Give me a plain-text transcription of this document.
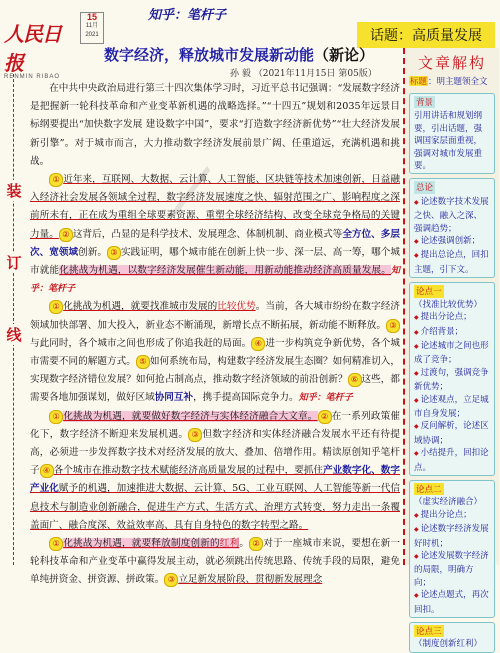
\
人民日报
RENMIN RIBAO
15
11月
2021
知乎：笔杆子
话题：高质量发展
数字经济，释放城市发展新动能（新论）
孙 毅 （2021年11月15日 第05版）
装
订
线

在中共中央政治局进行第三十四次集体学习时，习近平总书记强调：“发展数字经济是把握新一轮科技革命和产业变革新机遇的战略选择。”“十四五”规划和2035年远景目标纲要提出“加快数字发展 建设数字中国”，要求“打造数字经济新优势”“壮大经济发展新引擎”。对于城市而言，大力推动数字经济发展前景广阔、任重道远，充满机遇和挑战。

① 近年来，互联网、大数据、云计算、人工智能、区块链等技术加速创新，日益融入经济社会发展各领域全过程，数字经济发展速度之快、辐射范围之广、影响程度之深前所未有，正在成为重组全球要素资源、重塑全球经济结构、改变全球竞争格局的关键力量。 ② 这背后，凸显的是科学技术、发展理念、体制机制、商业模式等全方位、多层次、宽领域创新。 ③ 实践证明，哪个城市能在创新上快一步、深一层、高一筹，哪个城市就能化挑战为机遇，以数字经济发展催生新动能，用新动能推动经济高质量发展。知乎：笔杆子

① 化挑战为机遇，就要找准城市发展的比较优势。当前，各大城市纷纷在数字经济领域加快部署、加大投入，新业态不断涌现，新增长点不断拓展，新动能不断释放。 ③与此同时，各个城市之间也形成了你追我赶的局面。 ④ 进一步构筑竞争新优势，各个城市需要不同的解题方式。 ⑤ 如何系统布局，构建数字经济发展生态圈？如何精准切入，实现数字经济错位发展？如何抢占制高点，推动数字经济领域的前沿创新？ ⑥ 这些，都需要各地加强谋划，做好区域协同互补，携手提高国际竞争力。知乎：笔杆子

① 化挑战为机遇，就要做好数字经济与实体经济融合大文章。 ② 在一系列政策催化下，数字经济不断迎来发展机遇。 ③ 但数字经济和实体经济融合发展水平还有待提高，必须进一步发挥数字技术对经济发展的放大、叠加、倍增作用。精读原创知乎笔杆子 ④ 各个城市在推动数字技术赋能经济高质量发展的过程中，要抓住产业数字化、数字产业化赋予的机遇，加速推进大数据、云计算、5G、工业互联网、人工智能等新一代信息技术与制造业创新融合，促进生产方式、生活方式、治理方式转变，努力走出一条覆盖面广、融合度深、效益效率高、具有自身特色的数字转型之路。

① 化挑战为机遇，就要释放制度创新的红利。 ② 对于一座城市来说，要想在新一轮科技革命和产业变革中赢得发展主动，就必须跳出传统思路、传统手段的局限，避免单纯拼资金、拼资源、拼政策。 ③ 立足新发展阶段、贯彻新发展理念

文章解构
标题：明主题领全文
背景
引用讲话和规划纲要，引出话题，强调国家层面重视，强调对城市发展重要。
总论
◆ 论述数字技术发展之快、融入之深、强调趋势；
◆ 论述强调创新；
◆ 提出总论点，回扣主题，引下文。
论点一
（找准比较优势）
◆ 提出分论点；
◆ 介绍背景；
◆ 论述城市之间也形成了竞争；
◆ 过渡句，强调竞争新优势；
◆ 论述观点，立足城市自身发展；
◆ 反问解析，论述区域协调；
◆ 小结提升，回扣论点。
论点二
（虚实经济融合）
◆ 提出分论点；
◆ 论述数字经济发展好时机；
◆ 论述发展数字经济的局限，明确方向；
◆ 论述点题式，再次回扣。
论点三
（制度创新红利）
